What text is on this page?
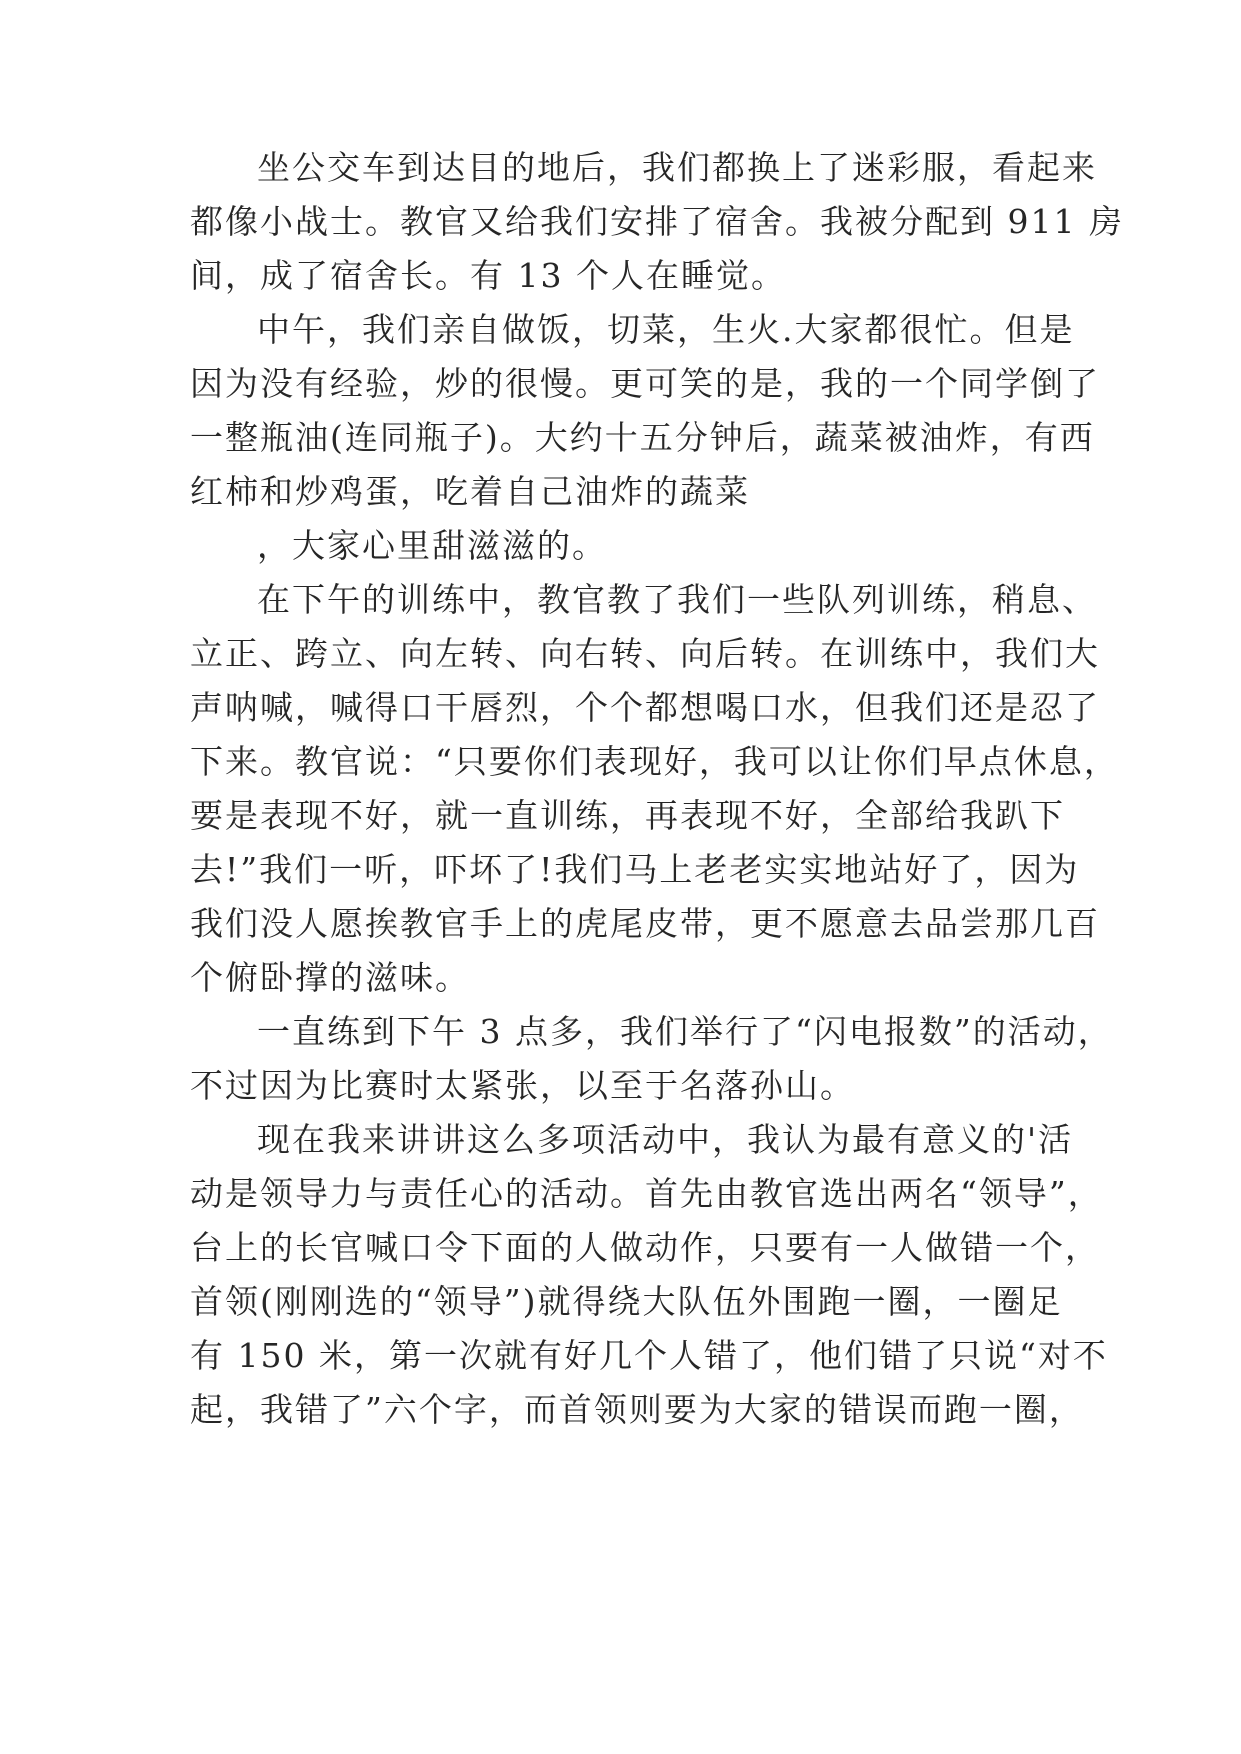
坐公交车到达目的地后，我们都换上了迷彩服，看起来

都像小战士。教官又给我们安排了宿舍。我被分配到 911 房

间，成了宿舍长。有 13 个人在睡觉。

中午，我们亲自做饭，切菜，生火.大家都很忙。但是

因为没有经验，炒的很慢。更可笑的是，我的一个同学倒了

一整瓶油(连同瓶子)。大约十五分钟后，蔬菜被油炸，有西

红柿和炒鸡蛋，吃着自己油炸的蔬菜

，大家心里甜滋滋的。

在下午的训练中，教官教了我们一些队列训练，稍息、

立正、跨立、向左转、向右转、向后转。在训练中，我们大

声呐喊，喊得口干唇烈，个个都想喝口水，但我们还是忍了

下来。教官说：“只要你们表现好，我可以让你们早点休息，

要是表现不好，就一直训练，再表现不好，全部给我趴下

去!”我们一听，吓坏了!我们马上老老实实地站好了，因为

我们没人愿挨教官手上的虎尾皮带，更不愿意去品尝那几百

个俯卧撑的滋味。

一直练到下午 3 点多，我们举行了“闪电报数”的活动，

不过因为比赛时太紧张，以至于名落孙山。

现在我来讲讲这么多项活动中，我认为最有意义的'活

动是领导力与责任心的活动。首先由教官选出两名“领导”，

台上的长官喊口令下面的人做动作，只要有一人做错一个，

首领(刚刚选的“领导”)就得绕大队伍外围跑一圈，一圈足

有 150 米，第一次就有好几个人错了，他们错了只说“对不

起，我错了”六个字，而首领则要为大家的错误而跑一圈，
